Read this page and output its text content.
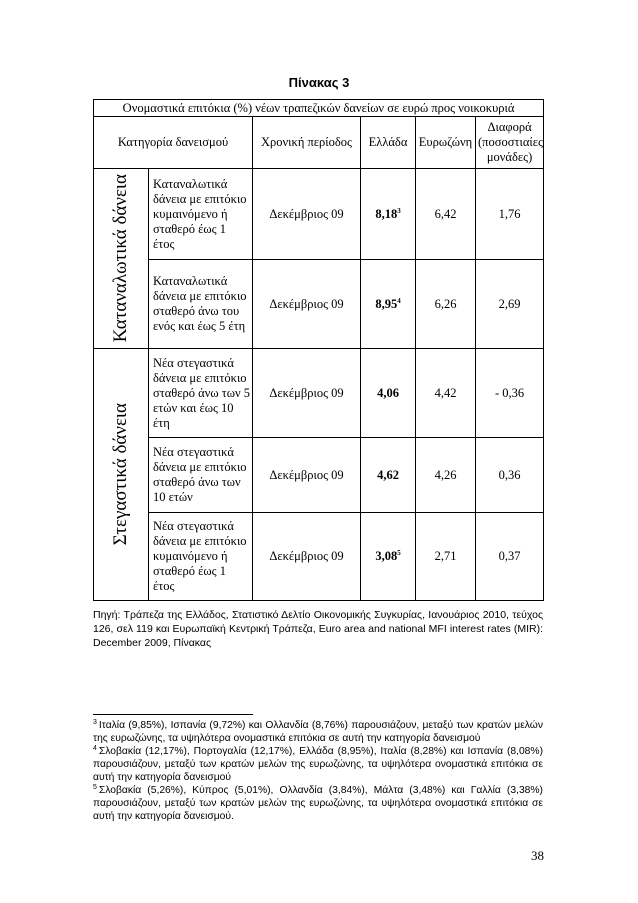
Πίνακας 3
Ονομαστικά επιτόκια (%) νέων τραπεζικών δανείων σε ευρώ προς νοικοκυριά					
Κατηγορία δανεισμού		Χρονική περίοδος	Ελλάδα	Ευρωζώνη	Διαφορά (ποσοστιαίες μονάδες)

Καταναλωτικά δάνεια	Καταναλωτικά δάνεια με επιτόκιο κυμαινόμενο ή σταθερό έως 1 έτος	Δεκέμβριος 09	8,18$^3$	6,42	1,76
	Καταναλωτικά δάνεια με επιτόκιο σταθερό άνω του ενός και έως 5 έτη	Δεκέμβριος 09	8,95$^4$	6,26	2,69

Στεγαστικά δάνεια	Νέα στεγαστικά δάνεια με επιτόκιο σταθερό άνω των 5 ετών και έως 10 έτη	Δεκέμβριος 09	4,06	4,42	- 0,36
	Νέα στεγαστικά δάνεια με επιτόκιο σταθερό άνω των 10 ετών	Δεκέμβριος 09	4,62	4,26	0,36
	Νέα στεγαστικά δάνεια με επιτόκιο κυμαινόμενο ή σταθερό έως 1 έτος	Δεκέμβριος 09	3,08$^5$	2,71	0,37
Πηγή: Τράπεζα της Ελλάδος, Στατιστικό Δελτίο Οικονομικής Συγκυρίας, Ιανουάριος 2010, τεύχος 126, σελ 119 και Ευρωπαϊκή Κεντρική Τράπεζα, Euro area and national MFI interest rates (MIR): December 2009, Πίνακας
$^3$ Ιταλία (9,85%), Ισπανία (9,72%) και Ολλανδία (8,76%) παρουσιάζουν, μεταξύ των κρατών μελών της ευρωζώνης, τα υψηλότερα ονομαστικά επιτόκια σε αυτή την κατηγορία δανεισμού
$^4$ Σλοβακία (12,17%), Πορτογαλία (12,17%), Ελλάδα (8,95%), Ιταλία (8,28%) και Ισπανία (8,08%) παρουσιάζουν, μεταξύ των κρατών μελών της ευρωζώνης, τα υψηλότερα ονομαστικά επιτόκια σε αυτή την κατηγορία δανεισμού
$^5$ Σλοβακία (5,26%), Κύπρος (5,01%), Ολλανδία (3,84%), Μάλτα (3,48%) και Γαλλία (3,38%) παρουσιάζουν, μεταξύ των κρατών μελών της ευρωζώνης, τα υψηλότερα ονομαστικά επιτόκια σε αυτή την κατηγορία δανεισμού.
38
